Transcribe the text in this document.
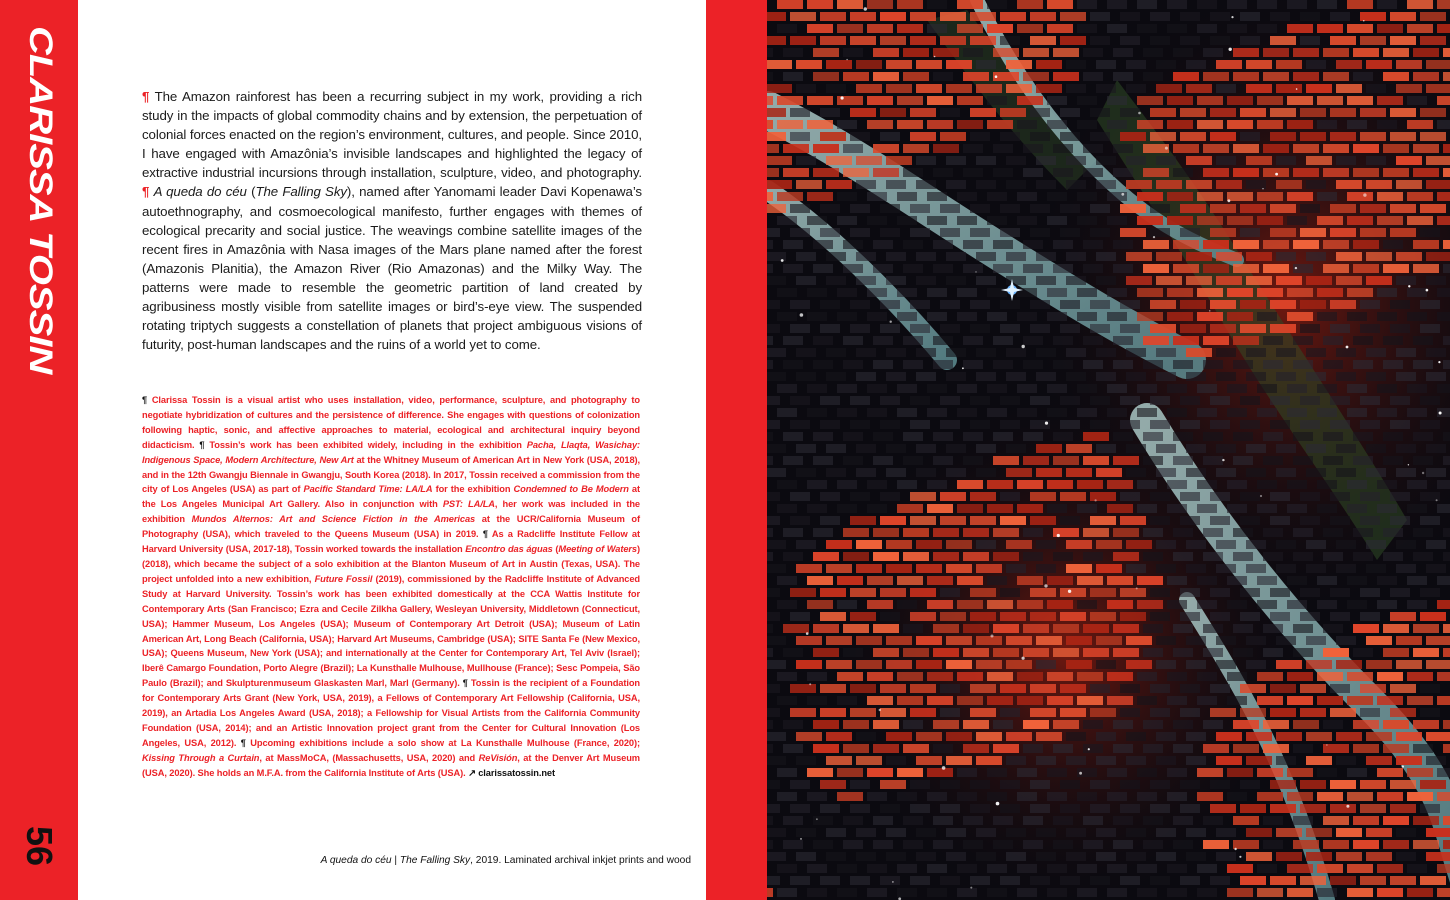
CLARISSA TOSSIN
56
¶ The Amazon rainforest has been a recurring subject in my work, providing a rich study in the impacts of global commodity chains and by extension, the perpetuation of colonial forces enacted on the region’s environment, cultures, and people. Since 2010, I have engaged with Amazônia’s invisible landscapes and highlighted the legacy of extractive industrial incursions through installation, sculpture, video, and photography. ¶ A queda do céu (The Falling Sky), named after Yanomami leader Davi Kopenawa’s autoethnography, and cosmoecological manifesto, further engages with themes of ecological precarity and social justice. The weavings combine satellite images of the recent fires in Amazônia with Nasa images of the Mars plane named after the forest (Amazonis Planitia), the Amazon River (Rio Amazonas) and the Milky Way. The patterns were made to resemble the geometric partition of land created by agribusiness mostly visible from satellite images or bird’s-eye view. The suspended rotating triptych suggests a constellation of planets that project ambiguous visions of futurity, post-human landscapes and the ruins of a world yet to come.
¶ Clarissa Tossin is a visual artist who uses installation, video, performance, sculpture, and photography to negotiate hybridization of cultures and the persistence of difference. She engages with questions of colonization following haptic, sonic, and affective approaches to material, ecological and architectural inquiry beyond didacticism. ¶ Tossin’s work has been exhibited widely, including in the exhibition Pacha, Llaqta, Wasichay: Indigenous Space, Modern Architecture, New Art at the Whitney Museum of American Art in New York (USA, 2018), and in the 12th Gwangju Biennale in Gwangju, South Korea (2018). In 2017, Tossin received a commission from the city of Los Angeles (USA) as part of Pacific Standard Time: LA/LA for the exhibition Condemned to Be Modern at the Los Angeles Municipal Art Gallery. Also in conjunction with PST: LA/LA, her work was included in the exhibition Mundos Alternos: Art and Science Fiction in the Americas at the UCR/California Museum of Photography (USA), which traveled to the Queens Museum (USA) in 2019. ¶ As a Radcliffe Institute Fellow at Harvard University (USA, 2017-18), Tossin worked towards the installation Encontro das águas (Meeting of Waters) (2018), which became the subject of a solo exhibition at the Blanton Museum of Art in Austin (Texas, USA). The project unfolded into a new exhibition, Future Fossil (2019), commissioned by the Radcliffe Institute of Advanced Study at Harvard University. Tossin’s work has been exhibited domestically at the CCA Wattis Institute for Contemporary Arts (San Francisco; Ezra and Cecile Zilkha Gallery, Wesleyan University, Middletown (Connecticut, USA); Hammer Museum, Los Angeles (USA); Museum of Contemporary Art Detroit (USA); Museum of Latin American Art, Long Beach (California, USA); Harvard Art Museums, Cambridge (USA); SITE Santa Fe (New Mexico, USA); Queens Museum, New York (USA); and internationally at the Center for Contemporary Art, Tel Aviv (Israel); Iberê Camargo Foundation, Porto Alegre (Brazil); La Kunsthalle Mulhouse, Mullhouse (France); Sesc Pompeia, São Paulo (Brazil); and Skulpturenmuseum Glaskasten Marl, Marl (Germany). ¶ Tossin is the recipient of a Foundation for Contemporary Arts Grant (New York, USA, 2019), a Fellows of Contemporary Art Fellowship (California, USA, 2019), an Artadia Los Angeles Award (USA, 2018); a Fellowship for Visual Artists from the California Community Foundation (USA, 2014); and an Artistic Innovation project grant from the Center for Cultural Innovation (Los Angeles, USA, 2012). ¶ Upcoming exhibitions include a solo show at La Kunsthalle Mulhouse (France, 2020); Kissing Through a Curtain, at MassMoCA, (Massachusetts, USA, 2020) and ReVisión, at the Denver Art Museum (USA, 2020). She holds an M.F.A. from the California Institute of Arts (USA). ↗ clarissatossin.net
A queda do céu | The Falling Sky, 2019. Laminated archival inkjet prints and wood
